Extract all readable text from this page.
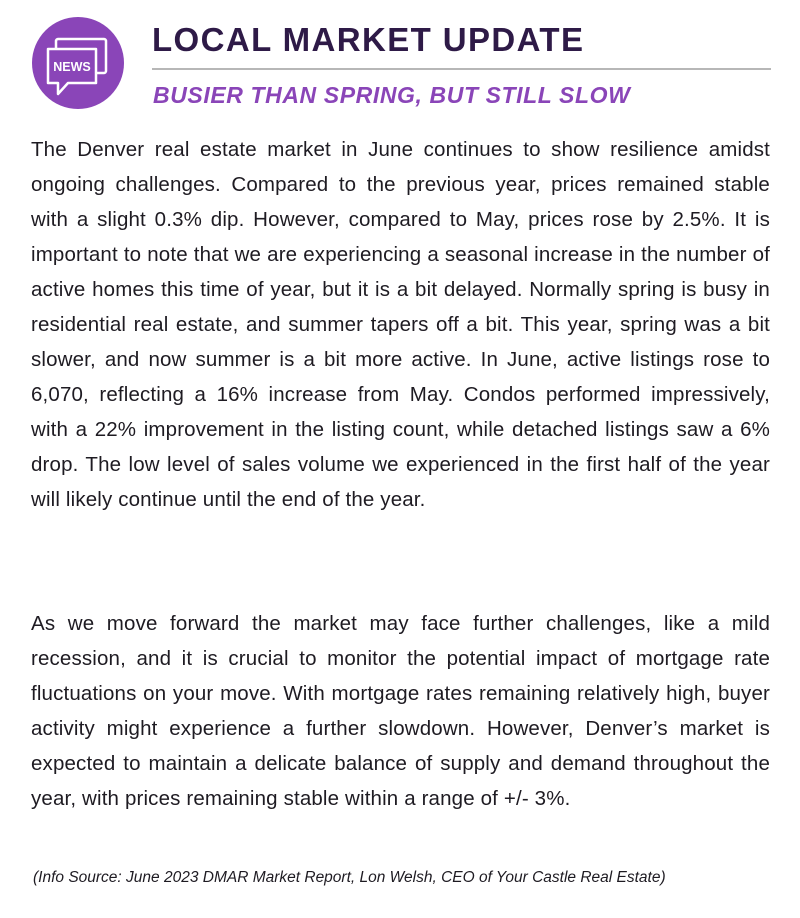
NEWS
LOCAL MARKET UPDATE
BUSIER THAN SPRING, BUT STILL SLOW

The Denver real estate market in June continues to show resilience amidst ongoing challenges. Compared to the previous year, prices remained stable with a slight 0.3% dip. However, compared to May, prices rose by 2.5%. It is important to note that we are experiencing a seasonal increase in the number of active homes this time of year, but it is a bit delayed. Normally spring is busy in residential real estate, and summer tapers off a bit. This year, spring was a bit slower, and now summer is a bit more active. In June, active listings rose to 6,070, reflecting a 16% increase from May. Condos performed impressively, with a 22% improvement in the listing count, while detached listings saw a 6% drop. The low level of sales volume we experienced in the first half of the year will likely continue until the end of the year.

As we move forward the market may face further challenges, like a mild recession, and it is crucial to monitor the potential impact of mortgage rate fluctuations on your move. With mortgage rates remaining relatively high, buyer activity might experience a further slowdown. However, Denver’s market is expected to maintain a delicate balance of supply and demand throughout the year, with prices remaining stable within a range of +/- 3%.

(Info Source: June 2023 DMAR Market Report, Lon Welsh, CEO of Your Castle Real Estate)
